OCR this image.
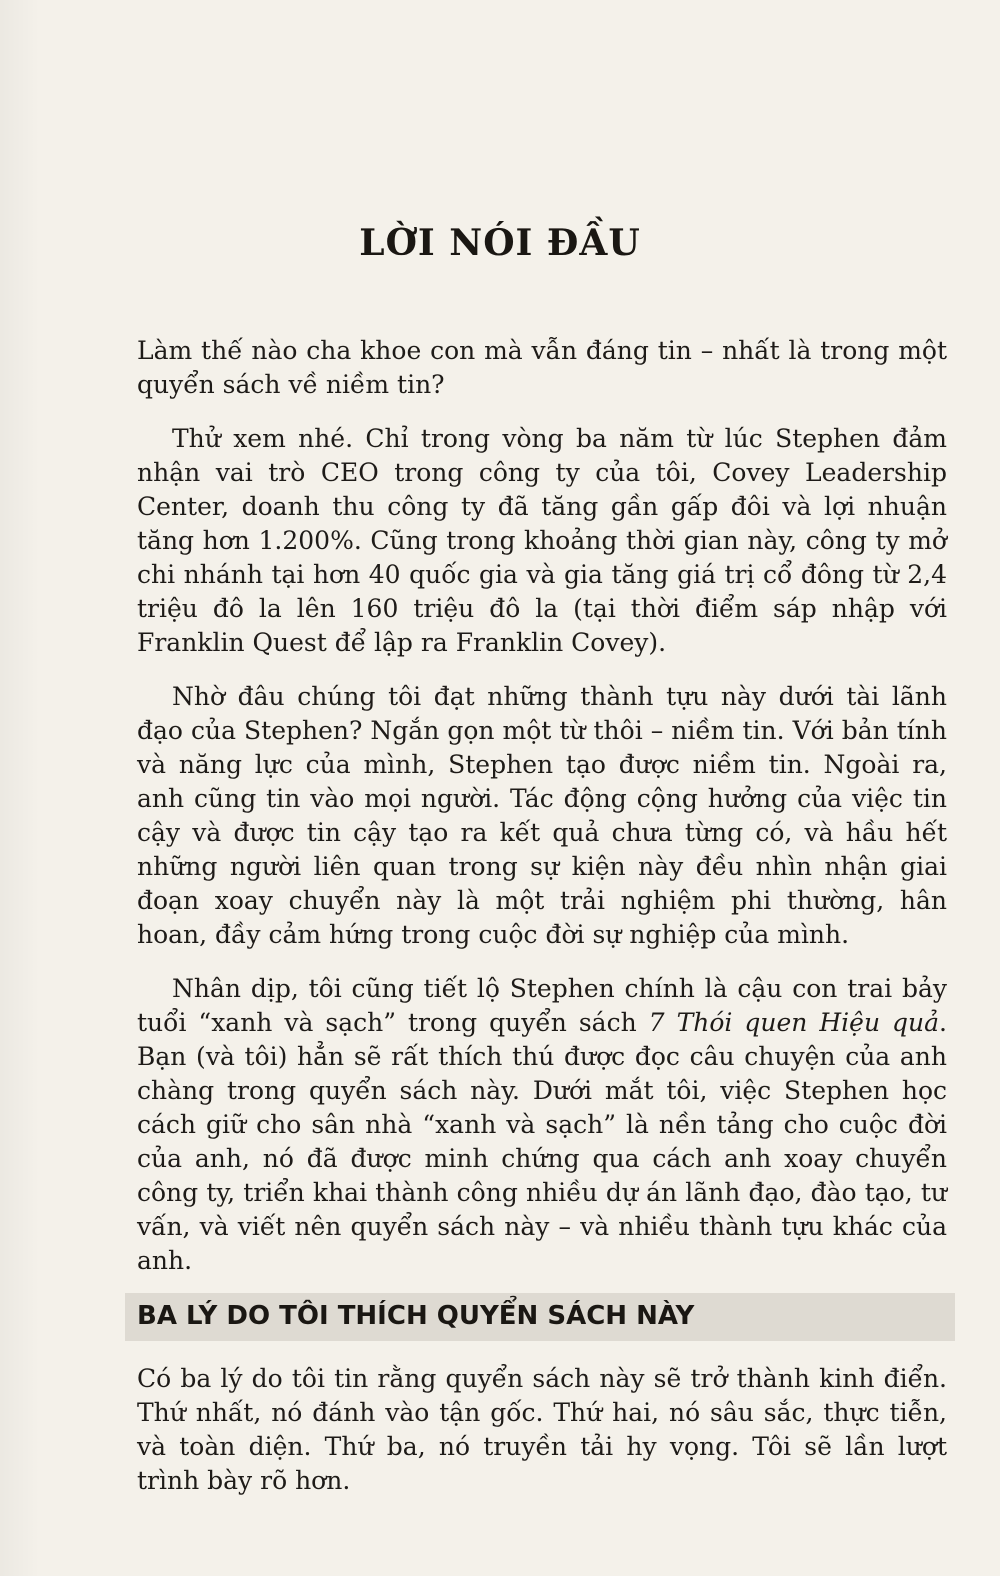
LỜI NÓI ĐẦU

Làm thế nào cha khoe con mà vẫn đáng tin – nhất là trong một quyển sách về niềm tin?

Thử xem nhé. Chỉ trong vòng ba năm từ lúc Stephen đảm nhận vai trò CEO trong công ty của tôi, Covey Leadership Center, doanh thu công ty đã tăng gần gấp đôi và lợi nhuận tăng hơn 1.200%. Cũng trong khoảng thời gian này, công ty mở chi nhánh tại hơn 40 quốc gia và gia tăng giá trị cổ đông từ 2,4 triệu đô la lên 160 triệu đô la (tại thời điểm sáp nhập với Franklin Quest để lập ra Franklin Covey).

Nhờ đâu chúng tôi đạt những thành tựu này dưới tài lãnh đạo của Stephen? Ngắn gọn một từ thôi – niềm tin. Với bản tính và năng lực của mình, Stephen tạo được niềm tin. Ngoài ra, anh cũng tin vào mọi người. Tác động cộng hưởng của việc tin cậy và được tin cậy tạo ra kết quả chưa từng có, và hầu hết những người liên quan trong sự kiện này đều nhìn nhận giai đoạn xoay chuyển này là một trải nghiệm phi thường, hân hoan, đầy cảm hứng trong cuộc đời sự nghiệp của mình.

Nhân dịp, tôi cũng tiết lộ Stephen chính là cậu con trai bảy tuổi “xanh và sạch” trong quyển sách 7 Thói quen Hiệu quả. Bạn (và tôi) hẳn sẽ rất thích thú được đọc câu chuyện của anh chàng trong quyển sách này. Dưới mắt tôi, việc Stephen học cách giữ cho sân nhà “xanh và sạch” là nền tảng cho cuộc đời của anh, nó đã được minh chứng qua cách anh xoay chuyển công ty, triển khai thành công nhiều dự án lãnh đạo, đào tạo, tư vấn, và viết nên quyển sách này – và nhiều thành tựu khác của anh.

BA LÝ DO TÔI THÍCH QUYỂN SÁCH NÀY

Có ba lý do tôi tin rằng quyển sách này sẽ trở thành kinh điển. Thứ nhất, nó đánh vào tận gốc. Thứ hai, nó sâu sắc, thực tiễn, và toàn diện. Thứ ba, nó truyền tải hy vọng. Tôi sẽ lần lượt trình bày rõ hơn.
